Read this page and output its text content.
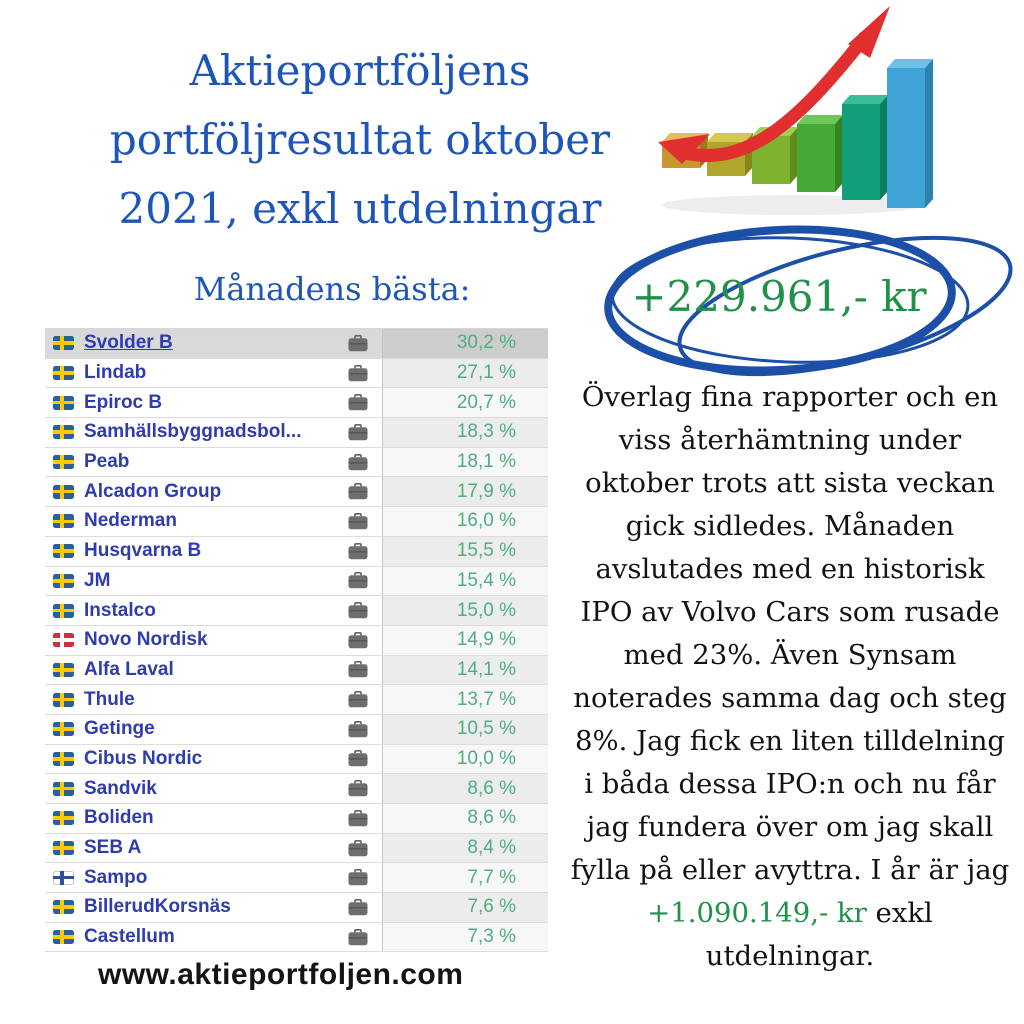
Aktieportföljens
portföljresultat oktober
2021, exkl utdelningar
Månadens bästa:	+229.961,- kr
Svolder B	30,2 %
Lindab	27,1 %
Epiroc B	20,7 %
Samhällsbyggnadsbol...	18,3 %
Peab	18,1 %
Alcadon Group	17,9 %
Nederman	16,0 %
Husqvarna B	15,5 %
JM	15,4 %
Instalco	15,0 %
Novo Nordisk	14,9 %
Alfa Laval	14,1 %
Thule	13,7 %
Getinge	10,5 %
Cibus Nordic	10,0 %
Sandvik	8,6 %
Boliden	8,6 %
SEB A	8,4 %
Sampo	7,7 %
BillerudKorsnäs	7,6 %
Castellum	7,3 %
Överlag fina rapporter och en
viss återhämtning under
oktober trots att sista veckan
gick sidledes. Månaden
avslutades med en historisk
IPO av Volvo Cars som rusade
med 23%. Även Synsam
noterades samma dag och steg
8%. Jag fick en liten tilldelning
i båda dessa IPO:n och nu får
jag fundera över om jag skall
fylla på eller avyttra. I år är jag
+1.090.149,- kr exkl
utdelningar.
www.aktieportfoljen.com
